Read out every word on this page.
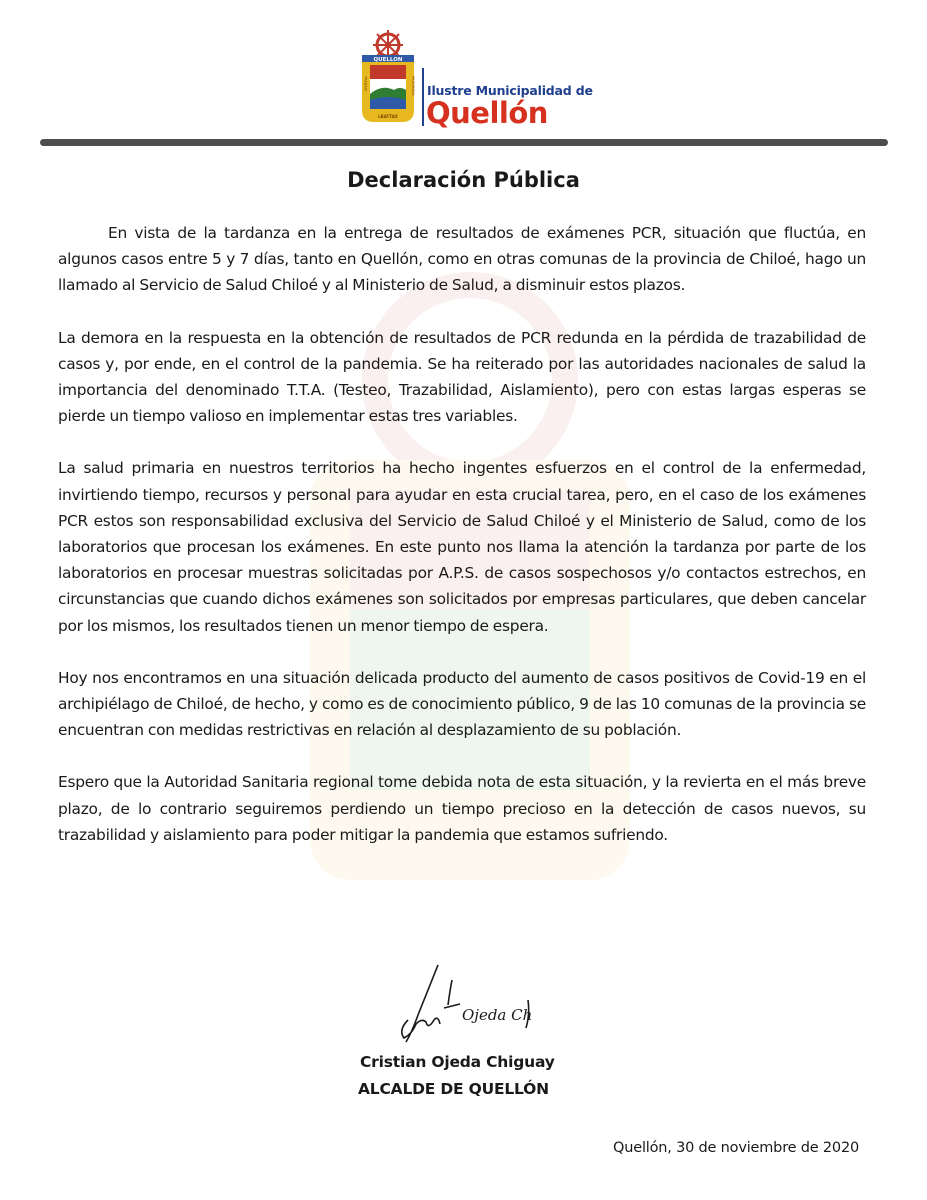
QUELLON
TRABAJO	PROGRESO
LBATTAX
Ilustre Municipalidad de
Quellón
Declaración Pública

En vista de la tardanza en la entrega de resultados de exámenes PCR, situación que fluctúa, en algunos casos entre 5 y 7 días, tanto en Quellón, como en otras comunas de la provincia de Chiloé, hago un llamado al Servicio de Salud Chiloé y al Ministerio de Salud, a disminuir estos plazos.

La demora en la respuesta en la obtención de resultados de PCR redunda en la pérdida de trazabilidad de casos y, por ende, en el control de la pandemia. Se ha reiterado por las autoridades nacionales de salud la importancia del denominado T.T.A. (Testeo, Trazabilidad, Aislamiento), pero con estas largas esperas se pierde un tiempo valioso en implementar estas tres variables.

La salud primaria en nuestros territorios ha hecho ingentes esfuerzos en el control de la enfermedad, invirtiendo tiempo, recursos y personal para ayudar en esta crucial tarea, pero, en el caso de los exámenes PCR estos son responsabilidad exclusiva del Servicio de Salud Chiloé y el Ministerio de Salud, como de los laboratorios que procesan los exámenes. En este punto nos llama la atención la tardanza por parte de los laboratorios en procesar muestras solicitadas por A.P.S. de casos sospechosos y/o contactos estrechos, en circunstancias que cuando dichos exámenes son solicitados por empresas particulares, que deben cancelar por los mismos, los resultados tienen un menor tiempo de espera.

Hoy nos encontramos en una situación delicada producto del aumento de casos positivos de Covid-19 en el archipiélago de Chiloé, de hecho, y como es de conocimiento público, 9 de las 10 comunas de la provincia se encuentran con medidas restrictivas en relación al desplazamiento de su población.

Espero que la Autoridad Sanitaria regional tome debida nota de esta situación, y la revierta en el más breve plazo, de lo contrario seguiremos perdiendo un tiempo precioso en la detección de casos nuevos, su trazabilidad y aislamiento para poder mitigar la pandemia que estamos sufriendo.

Ojeda Ch
Cristian Ojeda Chiguay
ALCALDE DE QUELLÓN
Quellón, 30 de noviembre de 2020
